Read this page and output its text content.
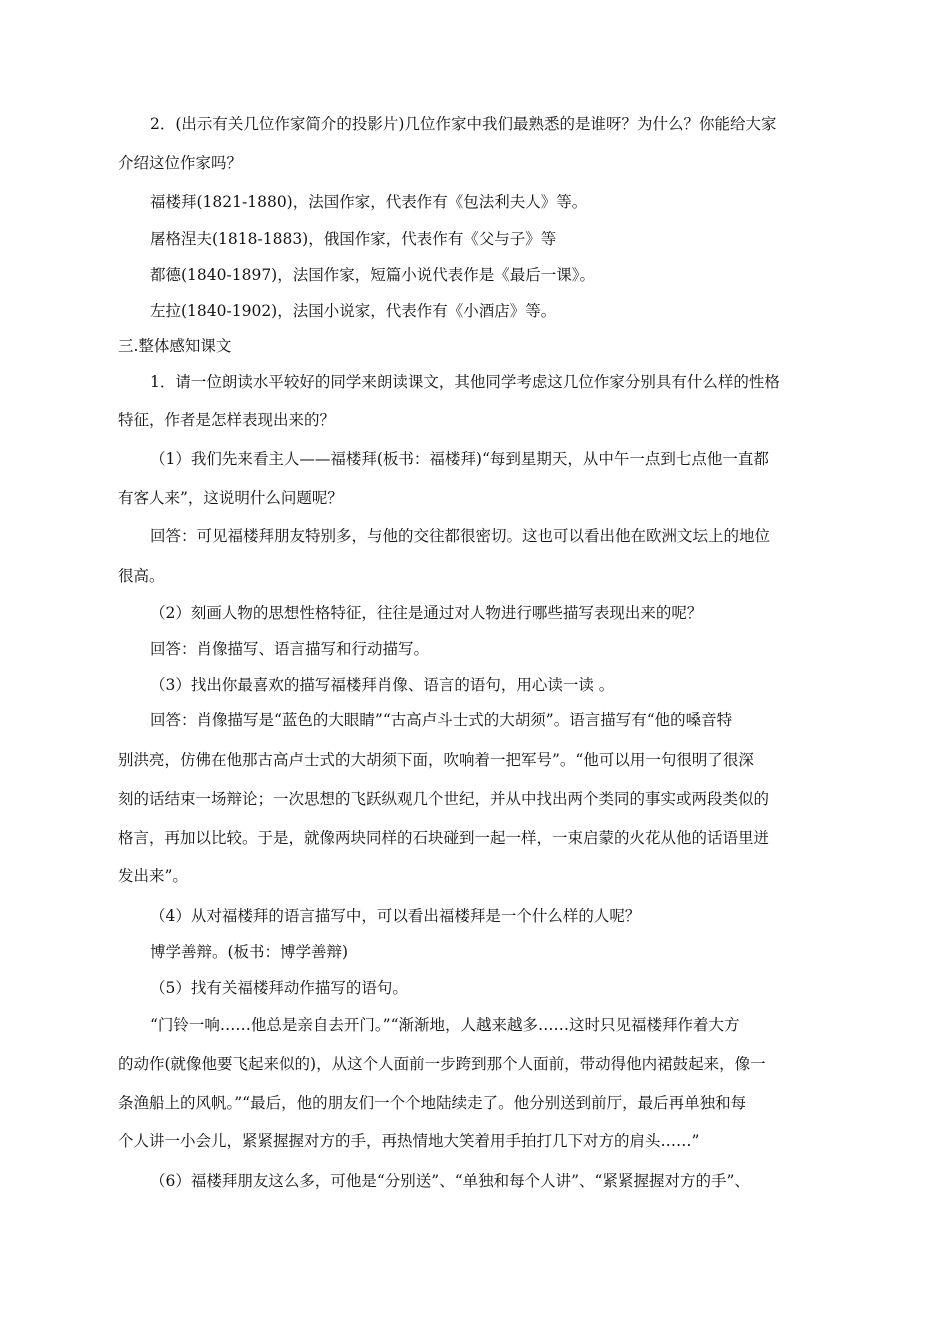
2．(出示有关几位作家简介的投影片)几位作家中我们最熟悉的是谁呀？为什么？你能给大家
介绍这位作家吗？
福楼拜(1821-1880)，法国作家，代表作有《包法利夫人》等。
屠格涅夫(1818-1883)，俄国作家，代表作有《父与子》等
都德(1840-1897)，法国作家，短篇小说代表作是《最后一课》。
左拉(1840-1902)，法国小说家，代表作有《小酒店》等。
三.整体感知课文
1．请一位朗读水平较好的同学来朗读课文，其他同学考虑这几位作家分别具有什么样的性格
特征，作者是怎样表现出来的？
（1）我们先来看主人——福楼拜(板书：福楼拜)“每到星期天，从中午一点到七点他一直都
有客人来”，这说明什么问题呢？
回答：可见福楼拜朋友特别多，与他的交往都很密切。这也可以看出他在欧洲文坛上的地位
很高。
（2）刻画人物的思想性格特征，往往是通过对人物进行哪些描写表现出来的呢？
回答：肖像描写、语言描写和行动描写。
（3）找出你最喜欢的描写福楼拜肖像、语言的语句，用心读一读 。
回答：肖像描写是“蓝色的大眼睛”“古高卢斗士式的大胡须”。语言描写有“他的嗓音特
别洪亮，仿佛在他那古高卢士式的大胡须下面，吹响着一把军号”。“他可以用一句很明了很深
刻的话结束一场辩论；一次思想的飞跃纵观几个世纪，并从中找出两个类同的事实或两段类似的
格言，再加以比较。于是，就像两块同样的石块碰到一起一样，一束启蒙的火花从他的话语里迸
发出来”。
（4）从对福楼拜的语言描写中，可以看出福楼拜是一个什么样的人呢？
博学善辩。(板书：博学善辩)
（5）找有关福楼拜动作描写的语句。
“门铃一响……他总是亲自去开门。”“渐渐地，人越来越多……这时只见福楼拜作着大方
的动作(就像他要飞起来似的)，从这个人面前一步跨到那个人面前，带动得他内裙鼓起来，像一
条渔船上的风帆。”“最后，他的朋友们一个个地陆续走了。他分别送到前厅，最后再单独和每
个人讲一小会儿，紧紧握握对方的手，再热情地大笑着用手拍打几下对方的肩头……”
（6）福楼拜朋友这么多，可他是“分别送”、“单独和每个人讲”、“紧紧握握对方的手”、
